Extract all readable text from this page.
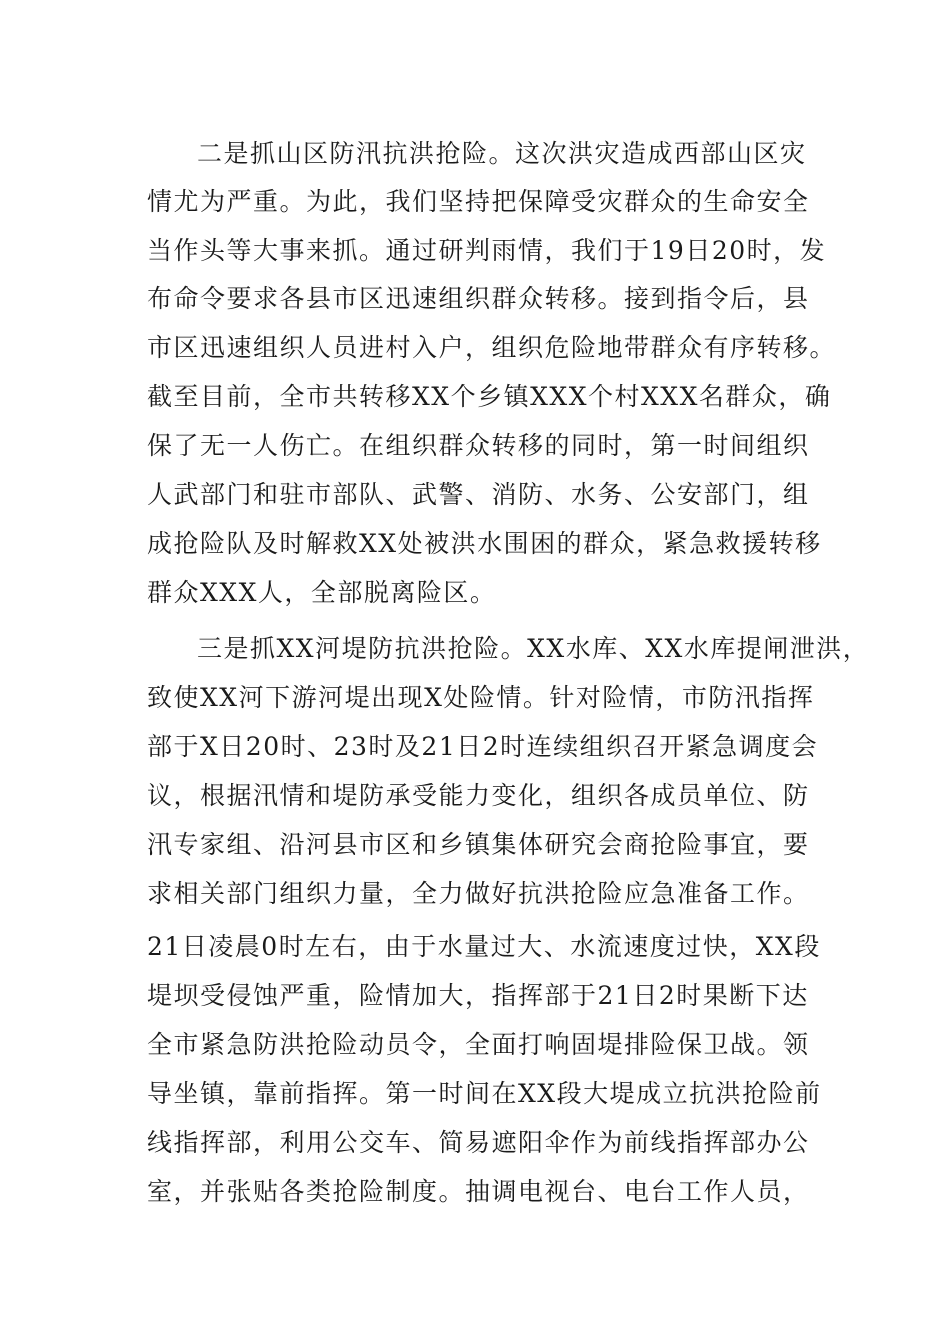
二是抓山区防汛抗洪抢险。这次洪灾造成西部山区灾
情尤为严重。为此，我们坚持把保障受灾群众的生命安全
当作头等大事来抓。通过研判雨情，我们于19日20时，发
布命令要求各县市区迅速组织群众转移。接到指令后，县
市区迅速组织人员进村入户，组织危险地带群众有序转移。
截至目前，全市共转移XX个乡镇XXX个村XXX名群众，确
保了无一人伤亡。在组织群众转移的同时，第一时间组织
人武部门和驻市部队、武警、消防、水务、公安部门，组
成抢险队及时解救XX处被洪水围困的群众，紧急救援转移
群众XXX人，全部脱离险区。
三是抓XX河堤防抗洪抢险。XX水库、XX水库提闸泄洪，
致使XX河下游河堤出现X处险情。针对险情，市防汛指挥
部于X日20时、23时及21日2时连续组织召开紧急调度会
议，根据汛情和堤防承受能力变化，组织各成员单位、防
汛专家组、沿河县市区和乡镇集体研究会商抢险事宜，要
求相关部门组织力量，全力做好抗洪抢险应急准备工作。
21日凌晨0时左右，由于水量过大、水流速度过快，XX段
堤坝受侵蚀严重，险情加大，指挥部于21日2时果断下达
全市紧急防洪抢险动员令，全面打响固堤排险保卫战。领
导坐镇，靠前指挥。第一时间在XX段大堤成立抗洪抢险前
线指挥部，利用公交车、简易遮阳伞作为前线指挥部办公
室，并张贴各类抢险制度。抽调电视台、电台工作人员，
